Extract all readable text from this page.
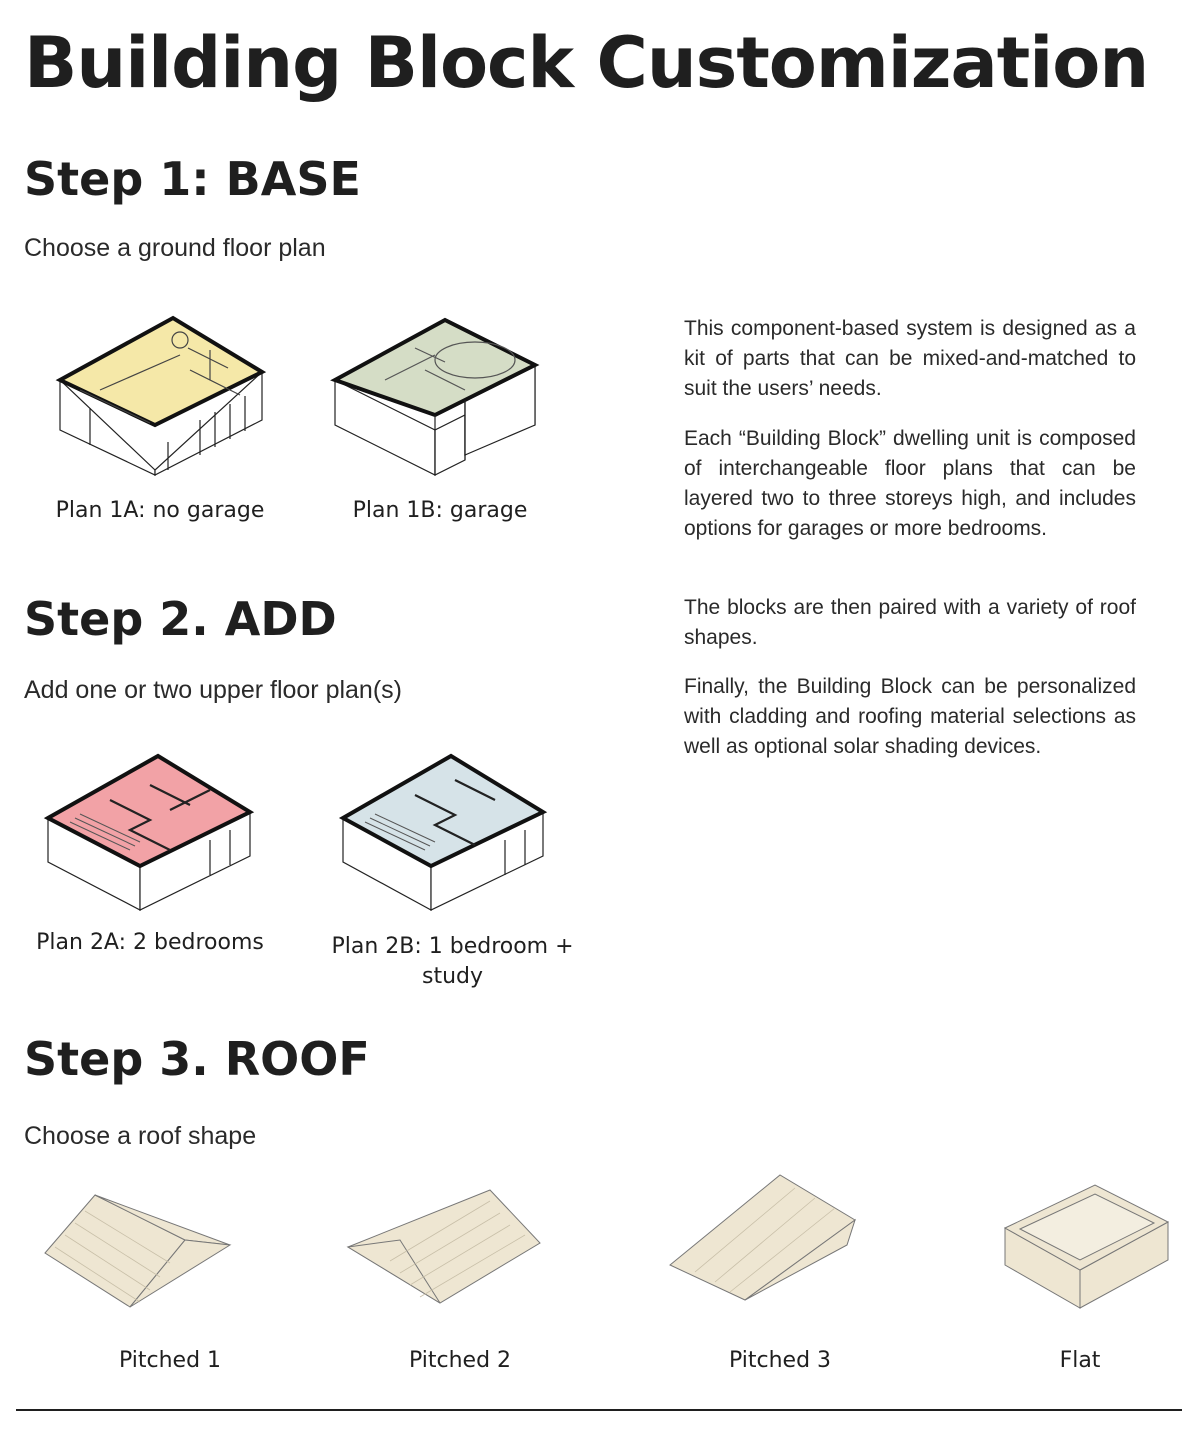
Building Block Customization
Step 1: BASE
Choose a ground floor plan
Plan 1A: no garage	Plan 1B: garage
Step 2. ADD
Add one or two upper floor plan(s)
Plan 2A: 2 bedrooms	Plan 2B: 1 bedroom + study

This component-based system is designed as a kit of parts that can be mixed-and-matched to suit the users’ needs.

Each “Building Block” dwelling unit is composed of interchangeable floor plans that can be layered two to three storeys high, and includes options for garages or more bedrooms.

The blocks are then paired with a variety of roof shapes.

Finally, the Building Block can be personalized with cladding and roofing material selections as well as optional solar shading devices.

Step 3. ROOF
Choose a roof shape
Pitched 1	Pitched 2	Pitched 3	Flat
